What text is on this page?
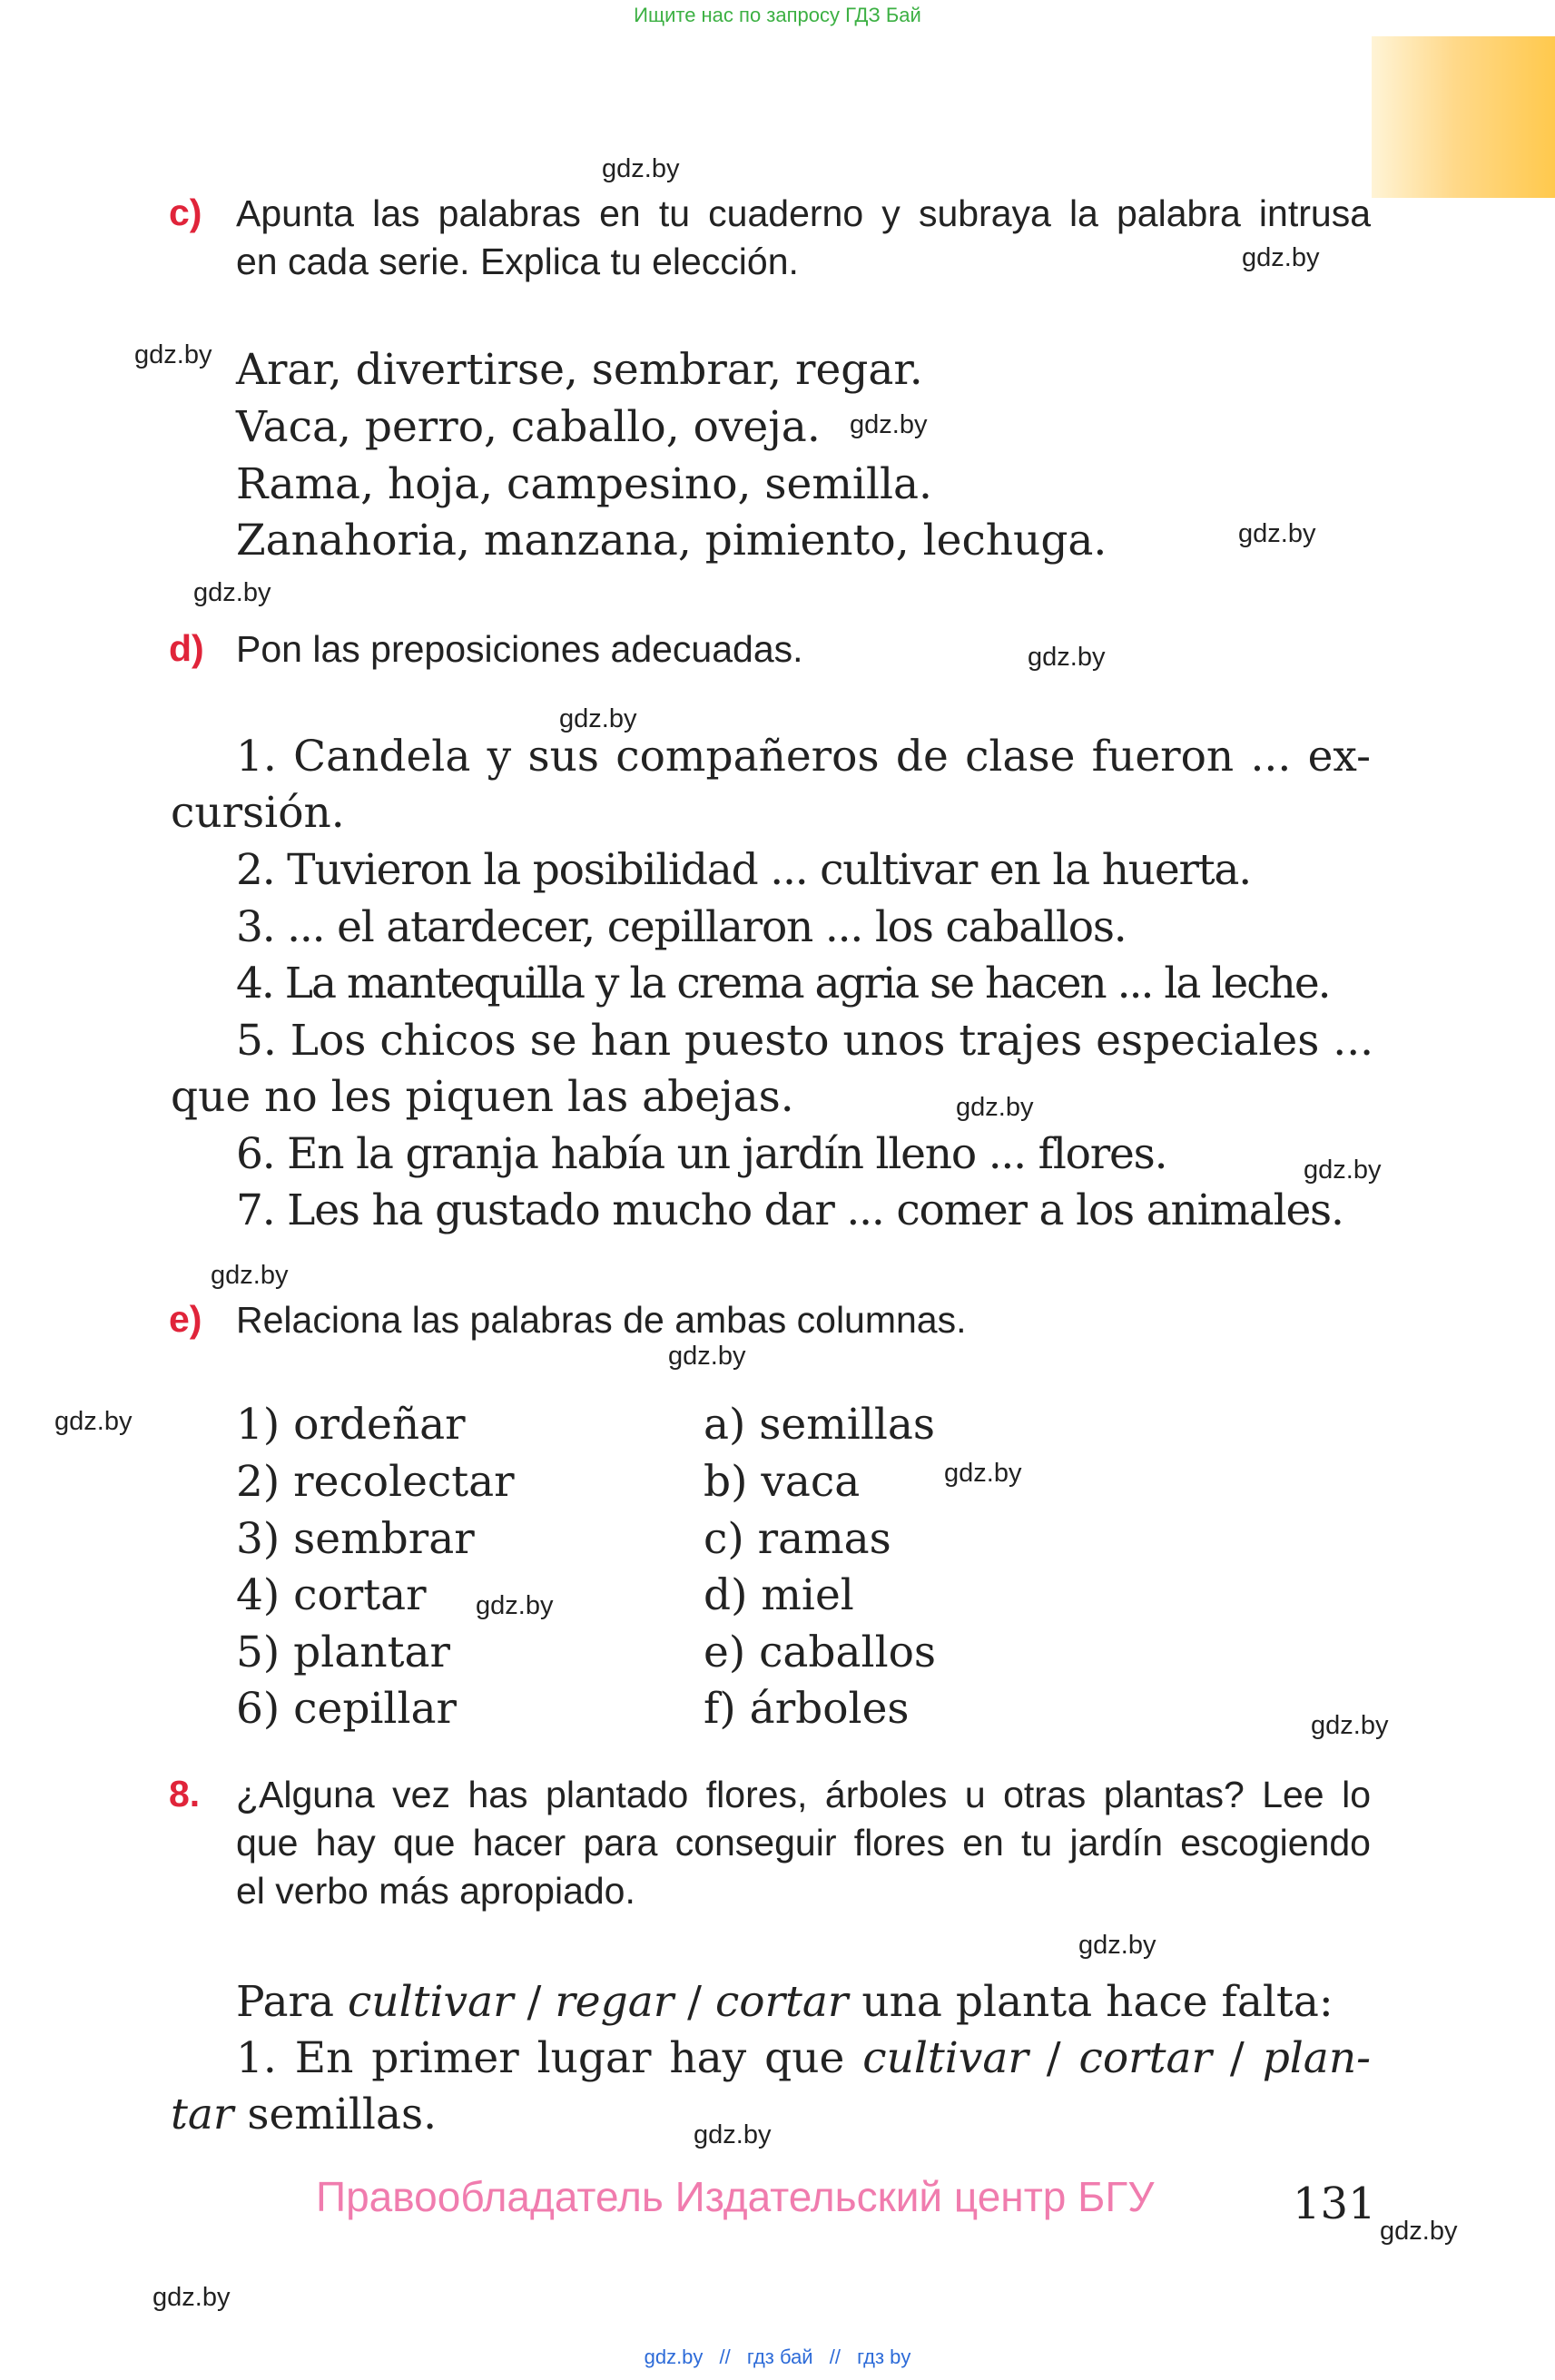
Ищите нас по запросу ГДЗ Бай
gdz.by
gdz.by
gdz.by
gdz.by
gdz.by
gdz.by
gdz.by
gdz.by
gdz.by
gdz.by
gdz.by
gdz.by
gdz.by
gdz.by
gdz.by
gdz.by
gdz.by
gdz.by
gdz.by
gdz.by
c) Apunta las palabras en tu cuaderno y subraya la palabra intrusa
en cada serie. Explica tu elección.
Arar, divertirse, sembrar, regar.
Vaca, perro, caballo, oveja.
Rama, hoja, campesino, semilla.
Zanahoria, manzana, pimiento, lechuga.
d) Pon las preposiciones adecuadas.
1. Candela y sus compañeros de clase fueron ... ex-
cursión.
2. Tuvieron la posibilidad ... cultivar en la huerta.
3. ... el atardecer, cepillaron ... los caballos.
4. La mantequilla y la crema agria se hacen ... la leche.
5. Los chicos se han puesto unos trajes especiales ...
que no les piquen las abejas.
6. En la granja había un jardín lleno ... flores.
7. Les ha gustado mucho dar ... comer a los animales.
e) Relaciona las palabras de ambas columnas.
1) ordeñar
2) recolectar
3) sembrar
4) cortar
5) plantar
6) cepillar
a) semillas
b) vaca
c) ramas
d) miel
e) caballos
f) árboles
8. ¿Alguna vez has plantado flores, árboles u otras plantas? Lee lo
que hay que hacer para conseguir flores en tu jardín escogiendo
el verbo más apropiado.
Para cultivar / regar / cortar una planta hace falta:
1. En primer lugar hay que cultivar / cortar / plan-
tar semillas.
Правообладатель Издательский центр БГУ	131
gdz.by // гдз бай // гдз by
